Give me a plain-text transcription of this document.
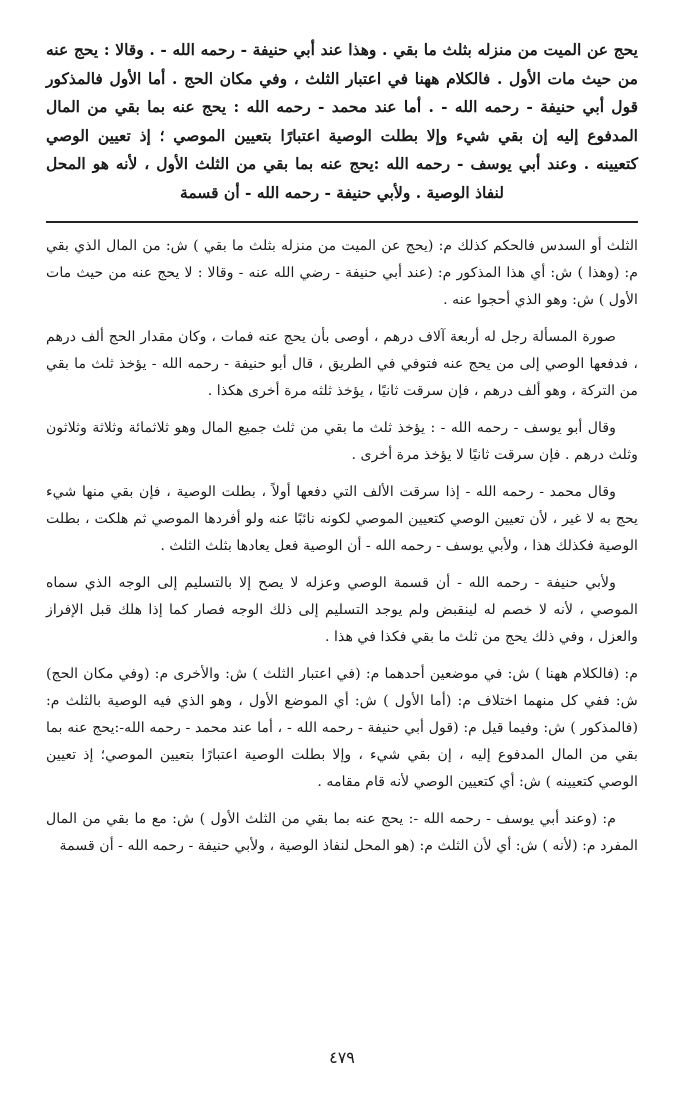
يحج عن الميت من منزله بثلث ما بقي . وهذا عند أبي حنيفة - رحمه الله - . وقالا : يحج عنه من حيث مات الأول . فالكلام ههنا في اعتبار الثلث ، وفي مكان الحج . أما الأول فالمذكور قول أبي حنيفة - رحمه الله - . أما عند محمد - رحمه الله : يحج عنه بما بقي من المال المدفوع إليه إن بقي شيء وإلا بطلت الوصية اعتبارًا بتعيين الموصي ؛ إذ تعيين الوصي كتعيينه . وعند أبي يوسف - رحمه الله :يحج عنه بما بقي من الثلث الأول ، لأنه هو المحل لنفاذ الوصية . ولأبي حنيفة - رحمه الله - أن قسمة

الثلث أو السدس فالحكم كذلك م: (يحج عن الميت من منزله بثلث ما بقي ) ش: من المال الذي بقي م: (وهذا ) ش: أي هذا المذكور م: (عند أبي حنيفة - رضي الله عنه - وقالا : لا يحج عنه من حيث مات الأول ) ش: وهو الذي أحجوا عنه .

صورة المسألة رجل له أربعة آلاف درهم ، أوصى بأن يحج عنه فمات ، وكان مقدار الحج ألف درهم ، فدفعها الوصي إلى من يحج عنه فتوفي في الطريق ، قال أبو حنيفة - رحمه الله - يؤخذ ثلث ما بقي من التركة ، وهو ألف درهم ، فإن سرقت ثانيًا ، يؤخذ ثلثه مرة أخرى هكذا .

وقال أبو يوسف - رحمه الله - : يؤخذ ثلث ما بقي من ثلث جميع المال وهو ثلاثمائة وثلاثة وثلاثون وثلث درهم . فإن سرقت ثانيًا لا يؤخذ مرة أخرى .

وقال محمد - رحمه الله - إذا سرقت الألف التي دفعها أولاً ، بطلت الوصية ، فإن بقي منها شيء يحج به لا غير ، لأن تعيين الوصي كتعيين الموصي لكونه نائبًا عنه ولو أفردها الموصي ثم هلكت ، بطلت الوصية فكذلك هذا ، ولأبي يوسف - رحمه الله - أن الوصية فعل يعادها بثلث الثلث .

ولأبي حنيفة - رحمه الله - أن قسمة الوصي وعزله لا يصح إلا بالتسليم إلى الوجه الذي سماه الموصي ، لأنه لا خصم له لينقبض ولم يوجد التسليم إلى ذلك الوجه فصار كما إذا هلك قبل الإفراز والعزل ، وفي ذلك يحج من ثلث ما بقي فكذا في هذا .

م: (فالكلام ههنا ) ش: في موضعين أحدهما م: (في اعتبار الثلث ) ش: والأخرى م: (وفي مكان الحج) ش: ففي كل منهما اختلاف م: (أما الأول ) ش: أي الموضع الأول ، وهو الذي فيه الوصية بالثلث م: (فالمذكور ) ش: وفيما قيل م: (قول أبي حنيفة - رحمه الله - ، أما عند محمد - رحمه الله-:يحج عنه بما بقي من المال المدفوع إليه ، إن بقي شيء ، وإلا بطلت الوصية اعتبارًا بتعيين الموصي؛ إذ تعيين الوصي كتعيينه ) ش: أي كتعيين الوصي لأنه قام مقامه .

م: (وعند أبي يوسف - رحمه الله -: يحج عنه بما بقي من الثلث الأول ) ش: مع ما بقي من المال المفرد م: (لأنه ) ش: أي لأن الثلث م: (هو المحل لنفاذ الوصية ، ولأبي حنيفة - رحمه الله - أن قسمة

٤٧٩
